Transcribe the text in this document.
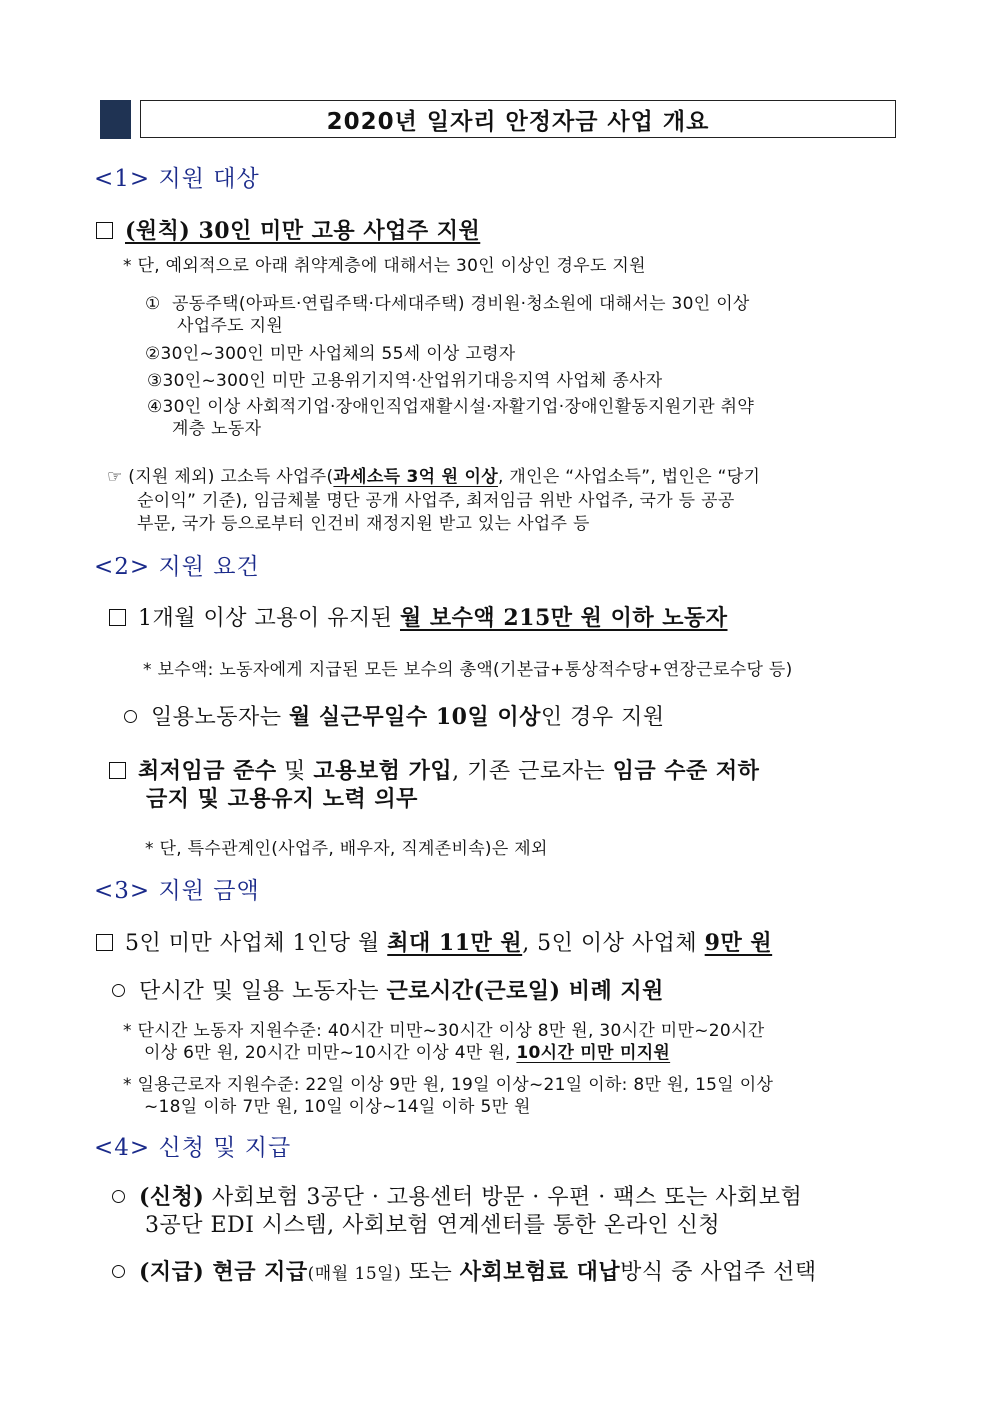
2020년 일자리 안정자금 사업 개요
<1> 지원 대상
(원칙) 30인 미만 고용 사업주 지원
* 단, 예외적으로 아래 취약계층에 대해서는 30인 이상인 경우도 지원
① 공동주택(아파트·연립주택·다세대주택) 경비원·청소원에 대해서는 30인 이상
사업주도 지원
②30인~300인 미만 사업체의 55세 이상 고령자
③30인~300인 미만 고용위기지역·산업위기대응지역 사업체 종사자
④30인 이상 사회적기업·장애인직업재활시설·자활기업·장애인활동지원기관 취약
계층 노동자
☞ (지원 제외) 고소득 사업주(과세소득 3억 원 이상, 개인은 “사업소득”, 법인은 “당기
순이익” 기준), 임금체불 명단 공개 사업주, 최저임금 위반 사업주, 국가 등 공공
부문, 국가 등으로부터 인건비 재정지원 받고 있는 사업주 등
<2> 지원 요건
1개월 이상 고용이 유지된 월 보수액 215만 원 이하 노동자
* 보수액: 노동자에게 지급된 모든 보수의 총액(기본급+통상적수당+연장근로수당 등)
일용노동자는 월 실근무일수 10일 이상인 경우 지원
최저임금 준수 및 고용보험 가입, 기존 근로자는 임금 수준 저하
금지 및 고용유지 노력 의무
* 단, 특수관계인(사업주, 배우자, 직계존비속)은 제외
<3> 지원 금액
5인 미만 사업체 1인당 월 최대 11만 원, 5인 이상 사업체 9만 원
단시간 및 일용 노동자는 근로시간(근로일) 비례 지원
* 단시간 노동자 지원수준: 40시간 미만~30시간 이상 8만 원, 30시간 미만~20시간
이상 6만 원, 20시간 미만~10시간 이상 4만 원, 10시간 미만 미지원
* 일용근로자 지원수준: 22일 이상 9만 원, 19일 이상~21일 이하: 8만 원, 15일 이상
~18일 이하 7만 원, 10일 이상~14일 이하 5만 원
<4> 신청 및 지급
(신청) 사회보험 3공단 · 고용센터 방문 · 우편 · 팩스 또는 사회보험
3공단 EDI 시스템, 사회보험 연계센터를 통한 온라인 신청
(지급) 현금 지급(매월 15일) 또는 사회보험료 대납방식 중 사업주 선택
